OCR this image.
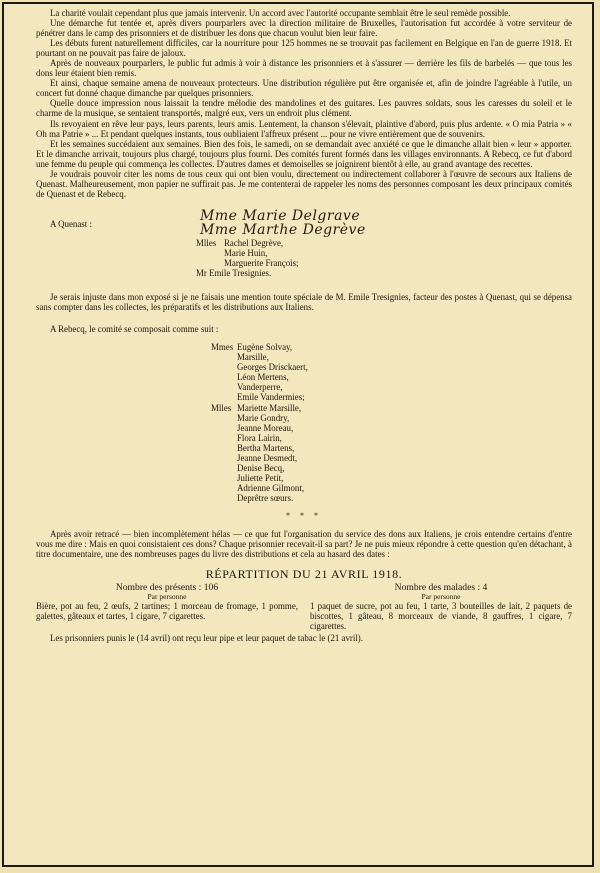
La charité voulait cependant plus que jamais intervenir. Un accord avec l'autorité occupante semblait être le seul remède possible.

Une démarche fut tentée et, après divers pourparlers avec la direction militaire de Bruxelles, l'autorisation fut accordée à votre serviteur de pénétrer dans le camp des prisonniers et de distribuer les dons que chacun voulut bien leur faire.

Les débuts furent naturellement difficiles, car la nourriture pour 125 hommes ne se trouvait pas facilement en Belgique en l'an de guerre 1918. Et pourtant on ne pouvait pas faire de jaloux.

Après de nouveaux pourparlers, le public fut admis à voir à distance les prisonniers et à s'assurer — derrière les fils de barbelés — que tous les dons leur étaient bien remis.

Et ainsi, chaque semaine amena de nouveaux protecteurs. Une distribution régulière put être organisée et, afin de joindre l'agréable à l'utile, un concert fut donné chaque dimanche par quelques prisonniers.

Quelle douce impression nous laissait la tendre mélodie des mandolines et des guitares. Les pauvres soldats, sous les caresses du soleil et le charme de la musique, se sentaient transportés, malgré eux, vers un endroit plus clément.

Ils revoyaient en rêve leur pays, leurs parents, leurs amis. Lentement, la chanson s'élevait, plaintive d'abord, puis plus ardente. « O mia Patria » « Oh ma Patrie » ... Et pendant quelques instants, tous oubliaient l'affreux présent ... pour ne vivre entièrement que de souvenirs.

Et les semaines succédaient aux semaines. Bien des fois, le samedi, on se demandait avec anxiété ce que le dimanche allait bien « leur » apporter. Et le dimanche arrivait, toujours plus chargé, toujours plus fourni. Des comités furent formés dans les villages environnants. A Rebecq, ce fut d'abord une femme du peuple qui commença les collectes. D'autres dames et demoiselles se joignirent bientôt à elle, au grand avantage des recettes.

Je voudrais pouvoir citer les noms de tous ceux qui ont bien voulu, directement ou indirectement collaborer à l'œuvre de secours aux Italiens de Quenast. Malheureusement, mon papier ne suffirait pas. Je me contenterai de rappeler les noms des personnes composant les deux principaux comités de Quenast et de Rebecq.

A Quenast :	Mme Marie Delgrave
Mme Marthe Degrève
Mlles Rachel Degrève,
Marie Huin,
Marguerite François;
Mr Emile Tresignies.

Je serais injuste dans mon exposé si je ne faisais une mention toute spéciale de M. Emile Tresignies, facteur des postes à Quenast, qui se dépensa sans compter dans les collectes, les préparatifs et les distributions aux Italiens.

A Rebecq, le comité se composait comme suit :
Mmes Eugène Solvay,
Marsille,
Georges Drisckaert,
Léon Mertens,
Vanderperre,
Emile Vandermies;
Mlles Mariette Marsille,
Marie Gondry,
Jeanne Moreau,
Flora Lairin,
Bertha Martens,
Jeanne Desmedt,
Denise Becq,
Juliette Petit,
Adrienne Gilmont,
Deprêtre sœurs.
* * *

Après avoir retracé — bien incomplètement hélas — ce que fut l'organisation du service des dons aux Italiens, je crois entendre certains d'entre vous me dire : Mais en quoi consistaient ces dons? Chaque prisonnier recevait-il sa part? Je ne puis mieux répondre à cette question qu'en détachant, à titre documentaire, une des nombreuses pages du livre des distributions et cela au hasard des dates :

RÉPARTITION DU 21 AVRIL 1918.
Nombre des présents : 106
Par personne
Bière, pot au feu, 2 œufs, 2 tartines; 1 morceau de fromage, 1 pomme, galettes, gâteaux et tartes, 1 cigare, 7 cigarettes.
Nombre des malades : 4
Par personne
1 paquet de sucre, pot au feu, 1 tarte, 3 bouteilles de lait, 2 paquets de biscottes, 1 gâteau, 8 morceaux de viande, 8 gauffres, 1 cigare, 7 cigarettes.

Les prisonniers punis le (14 avril) ont reçu leur pipe et leur paquet de tabac le (21 avril).
